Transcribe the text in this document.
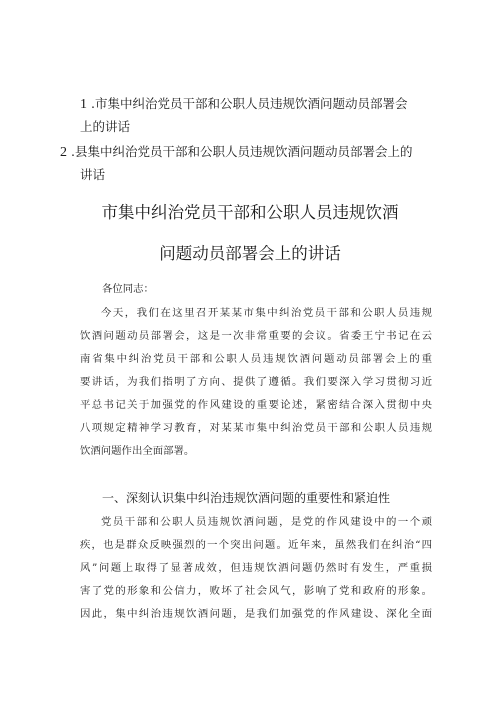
1 .市集中纠治党员干部和公职人员违规饮酒问题动员部署会
上的讲话
2 .县集中纠治党员干部和公职人员违规饮酒问题动员部署会上的
讲话
市集中纠治党员干部和公职人员违规饮酒
问题动员部署会上的讲话
各位同志：
今天，我们在这里召开某某市集中纠治党员干部和公职人员违规
饮酒问题动员部署会，这是一次非常重要的会议。省委王宁书记在云
南省集中纠治党员干部和公职人员违规饮酒问题动员部署会上的重
要讲话，为我们指明了方向、提供了遵循。我们要深入学习贯彻习近
平总书记关于加强党的作风建设的重要论述，紧密结合深入贯彻中央
八项规定精神学习教育，对某某市集中纠治党员干部和公职人员违规
饮酒问题作出全面部署。
一、深刻认识集中纠治违规饮酒问题的重要性和紧迫性
党员干部和公职人员违规饮酒问题，是党的作风建设中的一个顽
疾，也是群众反映强烈的一个突出问题。近年来，虽然我们在纠治“四
风”问题上取得了显著成效，但违规饮酒问题仍然时有发生，严重损
害了党的形象和公信力，败坏了社会风气，影响了党和政府的形象。
因此，集中纠治违规饮酒问题，是我们加强党的作风建设、深化全面
